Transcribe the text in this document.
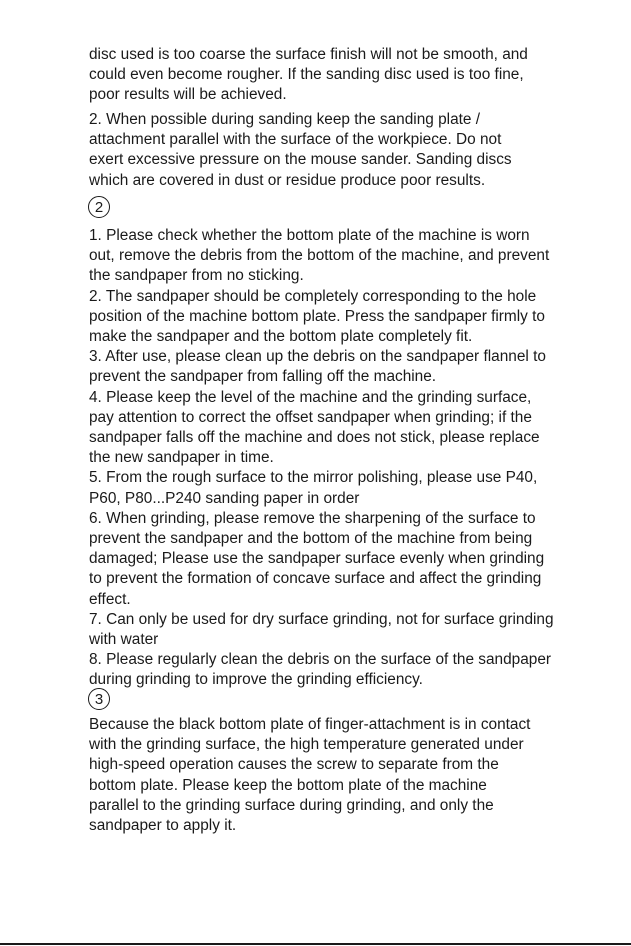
disc used is too coarse the surface finish will not be smooth, and
could even become rougher. If the sanding disc used is too fine,
poor results will be achieved.

2. When possible during sanding keep the sanding plate /
attachment parallel with the surface of the workpiece. Do not
exert excessive pressure on the mouse sander. Sanding discs
which are covered in dust or residue produce poor results.

2

1. Please check whether the bottom plate of the machine is worn
out, remove the debris from the bottom of the machine, and prevent
the sandpaper from no sticking.
2. The sandpaper should be completely corresponding to the hole
position of the machine bottom plate. Press the sandpaper firmly to
make the sandpaper and the bottom plate completely fit.
3. After use, please clean up the debris on the sandpaper flannel to
prevent the sandpaper from falling off the machine.
4. Please keep the level of the machine and the grinding surface,
pay attention to correct the offset sandpaper when grinding; if the
sandpaper falls off the machine and does not stick, please replace
the new sandpaper in time.
5. From the rough surface to the mirror polishing, please use P40,
P60, P80...P240 sanding paper in order
6. When grinding, please remove the sharpening of the surface to
prevent the sandpaper and the bottom of the machine from being
damaged; Please use the sandpaper surface evenly when grinding
to prevent the formation of concave surface and affect the grinding
effect.
7. Can only be used for dry surface grinding, not for surface grinding
with water
8. Please regularly clean the debris on the surface of the sandpaper
during grinding to improve the grinding efficiency.

3

Because the black bottom plate of finger-attachment is in contact
with the grinding surface, the high temperature generated under
high-speed operation causes the screw to separate from the
bottom plate. Please keep the bottom plate of the machine
parallel to the grinding surface during grinding, and only the
sandpaper to apply it.
